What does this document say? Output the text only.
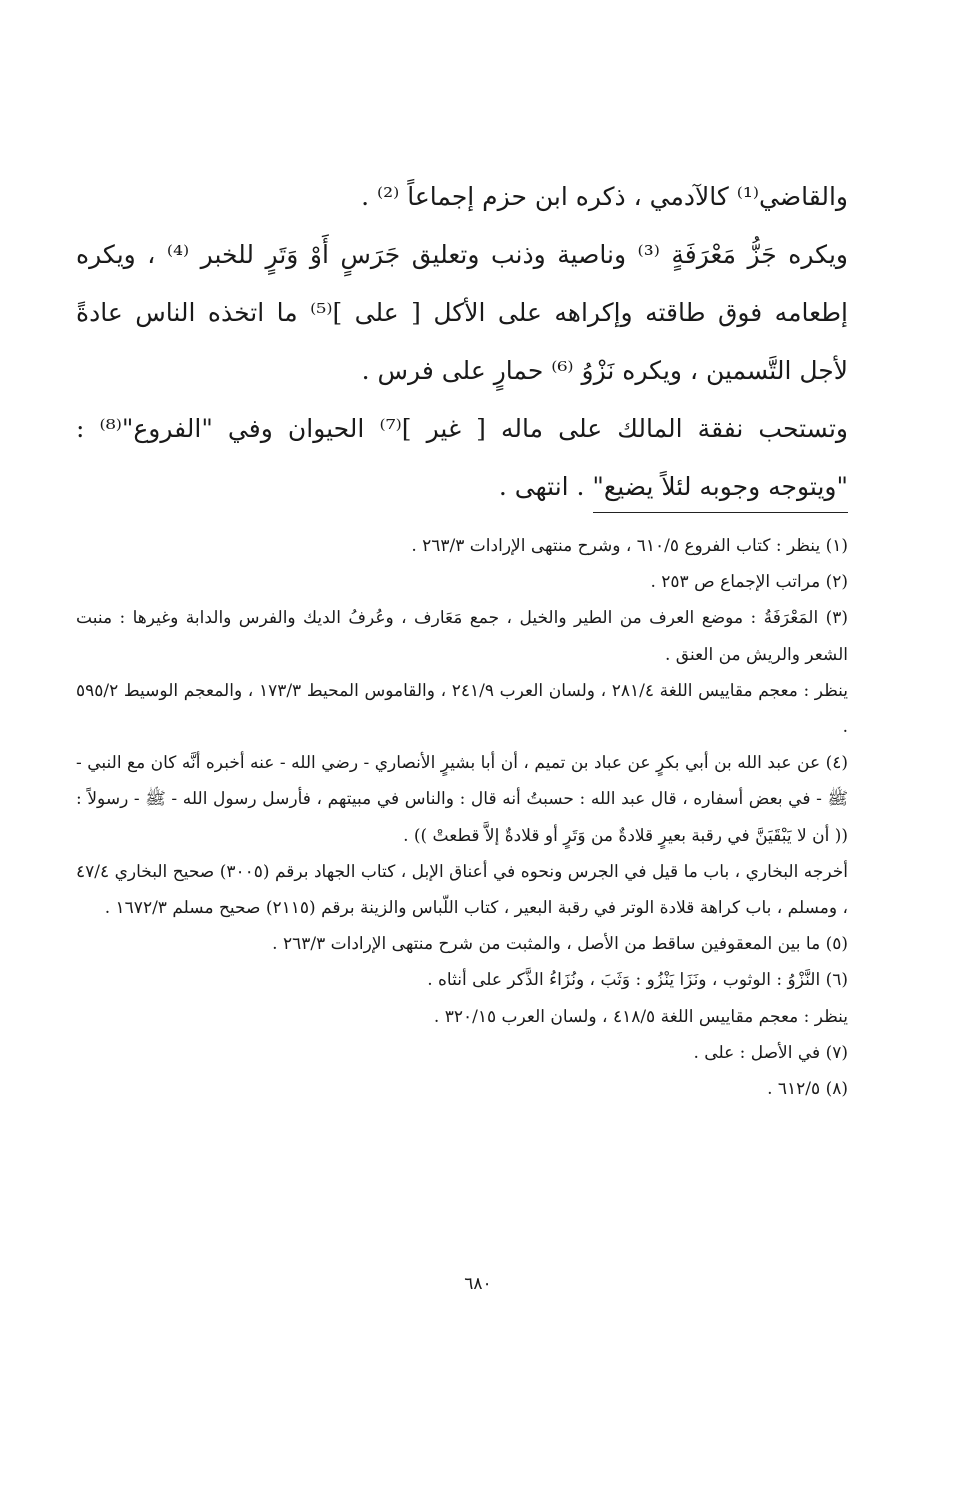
والقاضي⁽¹⁾ كالآدمي ، ذكره ابن حزم إجماعاً ⁽²⁾ .

ويكره جَزُّ مَعْرَفَةٍ ⁽³⁾ وناصية وذنب وتعليق جَرَسٍ أَوْ وَتَرٍ للخبر ⁽⁴⁾ ، ويكره إطعامه فوق طاقته وإكراهه على الأكل [ على ]⁽⁵⁾ ما اتخذه الناس عادةً لأجل التَّسمين ، ويكره نَزْوُ ⁽⁶⁾ حمارٍ على فرس .

وتستحب نفقة المالك على ماله [ غير ]⁽⁷⁾ الحيوان وفي "الفروع"⁽⁸⁾ : "ويتوجه وجوبه لئلاً يضيع" . انتهى .

(١) ينظر : كتاب الفروع ٦١٠/٥ ، وشرح منتهى الإرادات ٢٦٣/٣ .

(٢) مراتب الإجماع ص ٢٥٣ .

(٣) المَعْرَفَةُ : موضع العرف من الطير والخيل ، جمع مَعَارف ، وعُرفُ الديك والفرس والدابة وغيرها : منبت الشعر والريش من العنق .

ينظر : معجم مقاييس اللغة ٢٨١/٤ ، ولسان العرب ٢٤١/٩ ، والقاموس المحيط ١٧٣/٣ ، والمعجم الوسيط ٥٩٥/٢ .

(٤) عن عبد الله بن أبي بكرٍ عن عباد بن تميم ، أن أبا بشيرٍ الأنصاري - رضي الله - عنه أخبره أنَّه كان مع النبي - ﷺ - في بعض أسفاره ، قال عبد الله : حسبتُ أنه قال : والناس في مبيتهم ، فأرسل رسول الله - ﷺ - رسولاً : (( أن لا يَبْقَيَنَّ في رقبة بعيرٍ قلادةٌ من وَتَرٍ أو قلادةٌ إلاَّ قطعتْ )) .

أخرجه البخاري ، باب ما قيل في الجرس ونحوه في أعناق الإبل ، كتاب الجهاد برقم (٣٠٠٥) صحيح البخاري ٤٧/٤ ، ومسلم ، باب كراهة قلادة الوتر في رقبة البعير ، كتاب اللّباس والزينة برقم (٢١١٥) صحيح مسلم ١٦٧٢/٣ .

(٥) ما بين المعقوفين ساقط من الأصل ، والمثبت من شرح منتهى الإرادات ٢٦٣/٣ .

(٦) النَّزْوُ : الوثوب ، ونَزَا يَنْزُو : وَثَبَ ، ونُزَاءُ الذَّكر على أنثاه .

ينظر : معجم مقاييس اللغة ٤١٨/٥ ، ولسان العرب ٣٢٠/١٥ .

(٧) في الأصل : على .

(٨) ٦١٢/٥ .

٦٨٠
